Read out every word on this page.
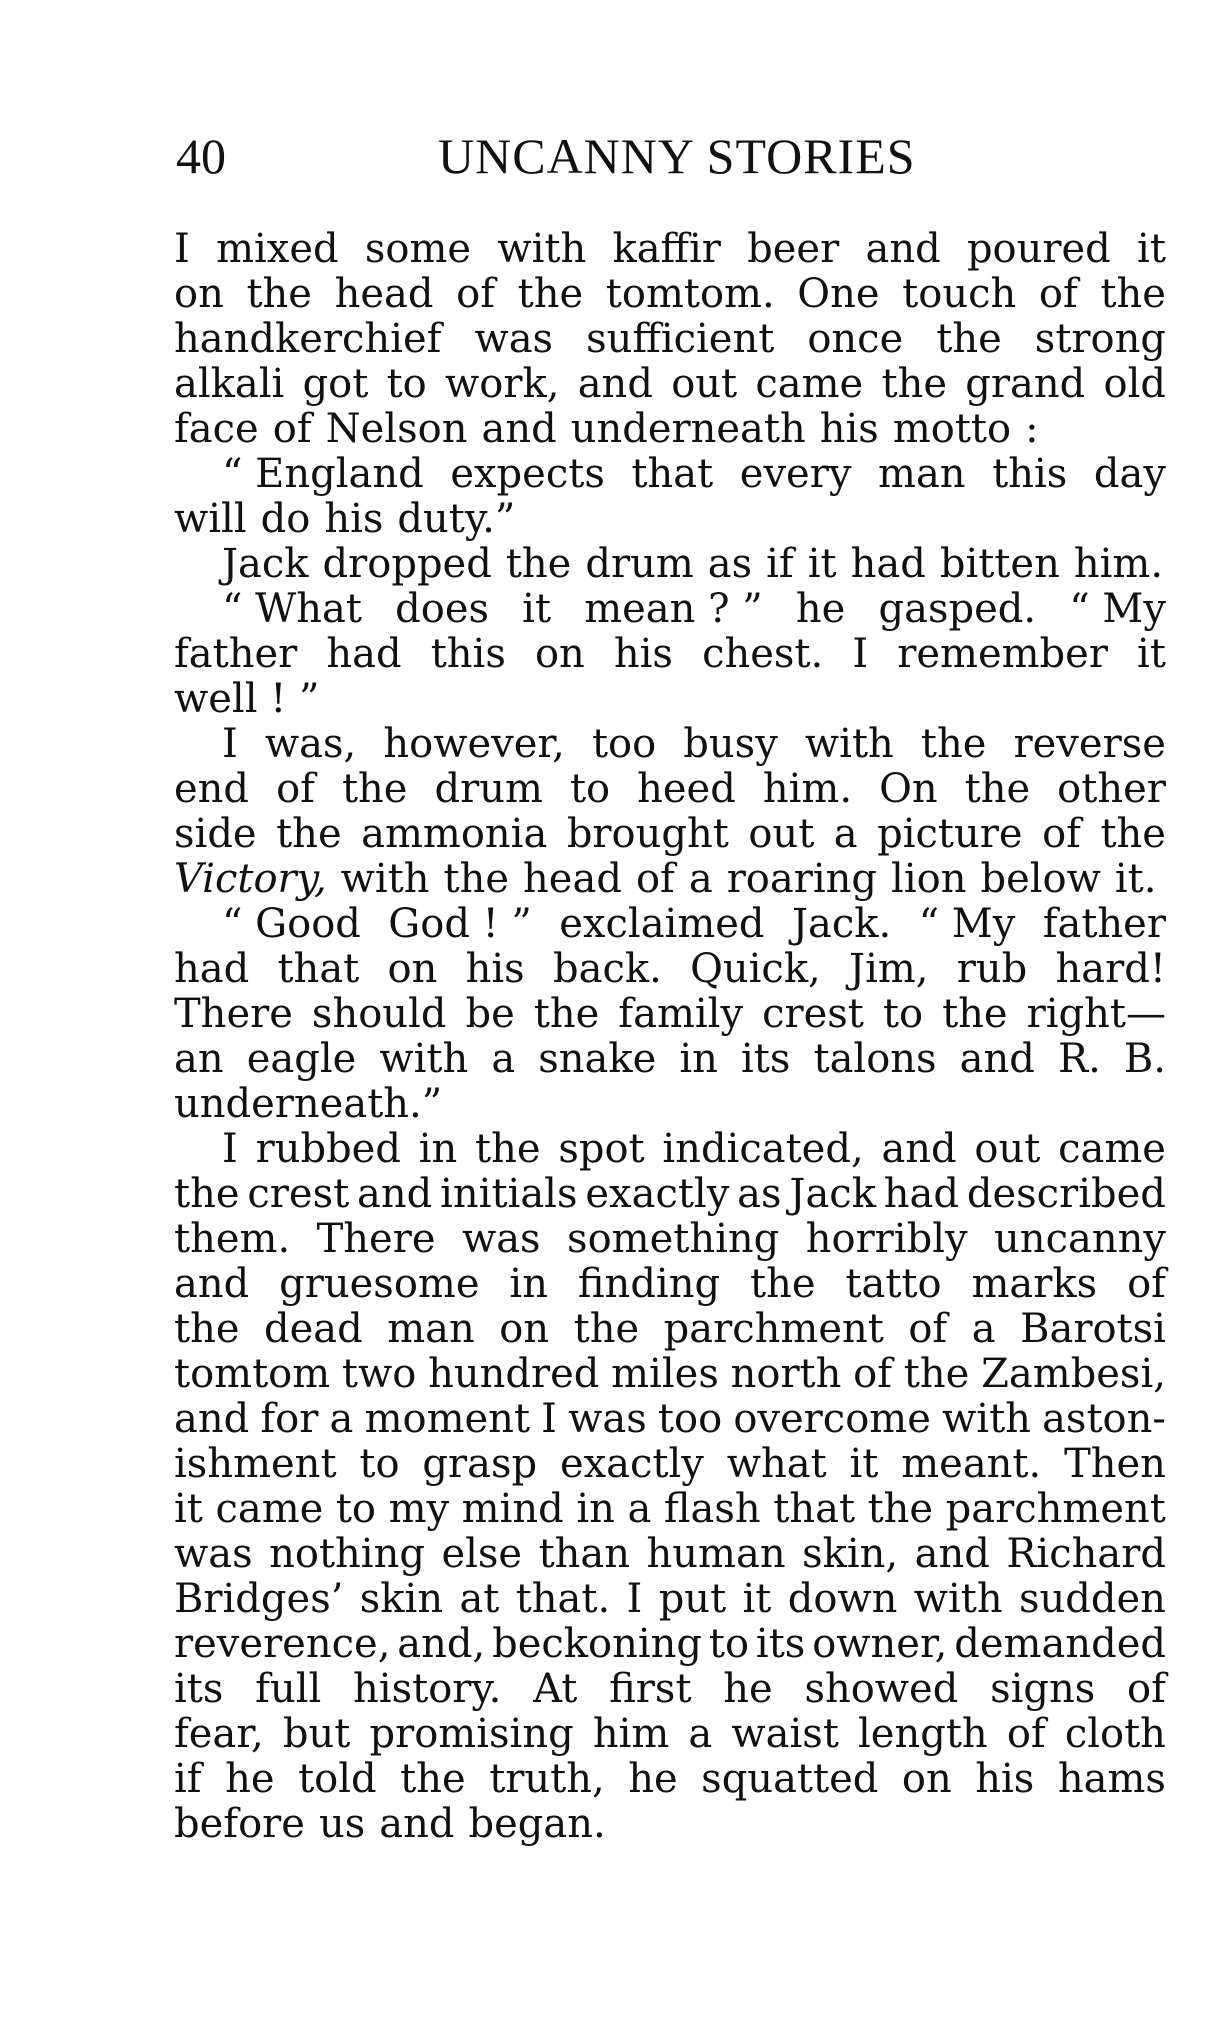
40	UNCANNY STORIES
I mixed some with kaffir beer and poured it
on the head of the tomtom. One touch of the
handkerchief was sufficient once the strong
alkali got to work, and out came the grand old
face of Nelson and underneath his motto :
“ England expects that every man this day
will do his duty.”
Jack dropped the drum as if it had bitten him.
“ What does it mean ? ” he gasped. “ My
father had this on his chest. I remember it
well ! ”
I was, however, too busy with the reverse
end of the drum to heed him. On the other
side the ammonia brought out a picture of the
Victory, with the head of a roaring lion below it.
“ Good God ! ” exclaimed Jack. “ My father
had that on his back. Quick, Jim, rub hard!
There should be the family crest to the right—
an eagle with a snake in its talons and R. B.
underneath.”
I rubbed in the spot indicated, and out came
the crest and initials exactly as Jack had described
them. There was something horribly uncanny
and gruesome in finding the tatto marks of
the dead man on the parchment of a Barotsi
tomtom two hundred miles north of the Zambesi,
and for a moment I was too overcome with aston-
ishment to grasp exactly what it meant. Then
it came to my mind in a flash that the parchment
was nothing else than human skin, and Richard
Bridges’ skin at that. I put it down with sudden
reverence, and, beckoning to its owner, demanded
its full history. At first he showed signs of
fear, but promising him a waist length of cloth
if he told the truth, he squatted on his hams
before us and began.
